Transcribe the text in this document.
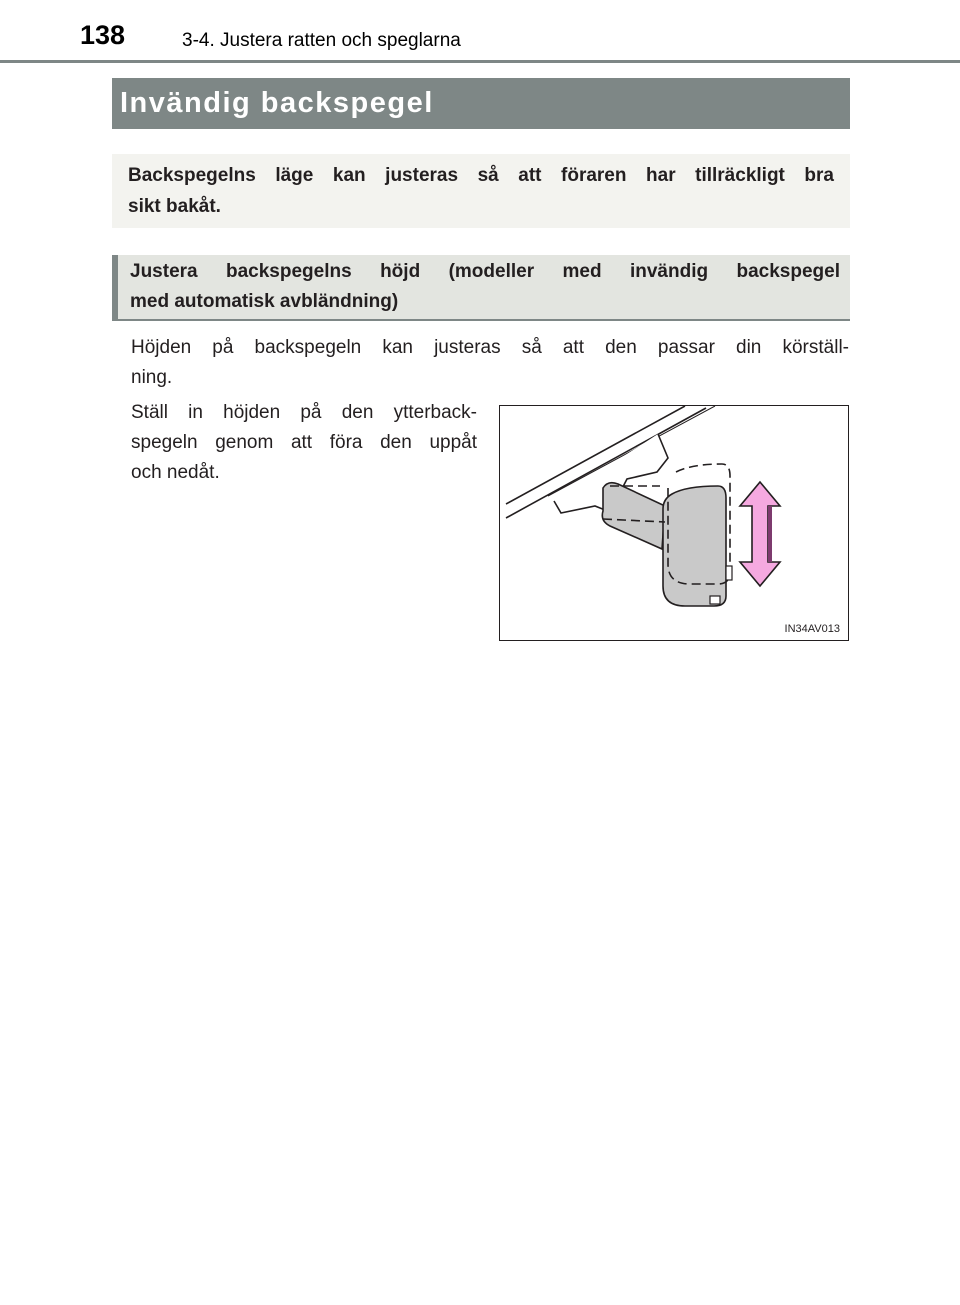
138	3-4. Justera ratten och speglarna
Invändig backspegel

Backspegelns läge kan justeras så att föraren har tillräckligt bra
sikt bakåt.

Justera backspegelns höjd (modeller med invändig backspegel
med automatisk avbländning)

Höjden på backspegeln kan justeras så att den passar din körställ-
ning.

Ställ in höjden på den ytterback-
spegeln genom att föra den uppåt
och nedåt.

IN34AV013
